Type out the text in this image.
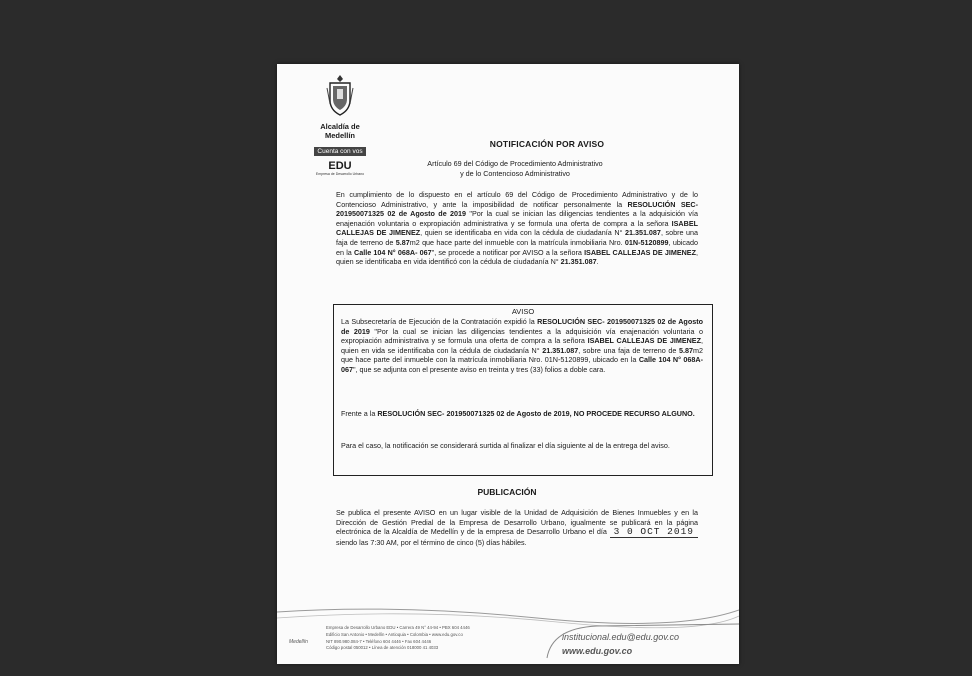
Alcaldía de Medellín
Cuenta con vos
EDU
Empresa de Desarrollo Urbano
NOTIFICACIÓN POR AVISO
Artículo 69 del Código de Procedimiento Administrativo
y de lo Contencioso Administrativo
En cumplimiento de lo dispuesto en el artículo 69 del Código de Procedimiento Administrativo y de lo Contencioso Administrativo, y ante la imposibilidad de notificar personalmente la RESOLUCIÓN SEC- 201950071325 02 de Agosto de 2019 "Por la cual se inician las diligencias tendientes a la adquisición vía enajenación voluntaria o expropiación administrativa y se formula una oferta de compra a la señora ISABEL CALLEJAS DE JIMENEZ, quien se identificaba en vida con la cédula de ciudadanía N° 21.351.087, sobre una faja de terreno de 5.87m2 que hace parte del inmueble con la matrícula inmobiliaria Nro. 01N-5120899, ubicado en la Calle 104 N° 068A- 067", se procede a notificar por AVISO a la señora ISABEL CALLEJAS DE JIMENEZ, quien se identificaba en vida identificó con la cédula de ciudadanía N° 21.351.087.
AVISO
La Subsecretaría de Ejecución de la Contratación expidió la RESOLUCIÓN SEC- 201950071325 02 de Agosto de 2019 "Por la cual se inician las diligencias tendientes a la adquisición vía enajenación voluntaria o expropiación administrativa y se formula una oferta de compra a la señora ISABEL CALLEJAS DE JIMENEZ, quien en vida se identificaba con la cédula de ciudadanía N° 21.351.087, sobre una faja de terreno de 5.87m2 que hace parte del inmueble con la matrícula inmobiliaria Nro. 01N-5120899, ubicado en la Calle 104 N° 068A- 067", que se adjunta con el presente aviso en treinta y tres (33) folios a doble cara.
Frente a la RESOLUCIÓN SEC- 201950071325 02 de Agosto de 2019, NO PROCEDE RECURSO ALGUNO.
Para el caso, la notificación se considerará surtida al finalizar el día siguiente al de la entrega del aviso.
PUBLICACIÓN
Se publica el presente AVISO en un lugar visible de la Unidad de Adquisición de Bienes Inmuebles y en la Dirección de Gestión Predial de la Empresa de Desarrollo Urbano, igualmente se publicará en la página electrónica de la Alcaldía de Medellín y de la empresa de Desarrollo Urbano el día 3 0 OCT 2019 siendo las 7:30 AM, por el término de cinco (5) días hábiles.
Medellín
Empresa de Desarrollo Urbano EDU • Carrera 49 N° 44-94 • PBX 604 4446
Edificio San Antonio • Medellín • Antioquia • Colombia • www.edu.gov.co
NIT 890.980.084-7 • Teléfono 604 4446 • Fax 604 4446
Código postal 050012 • Línea de atención 018000 41 4033
institucional.edu@edu.gov.co
www.edu.gov.co
